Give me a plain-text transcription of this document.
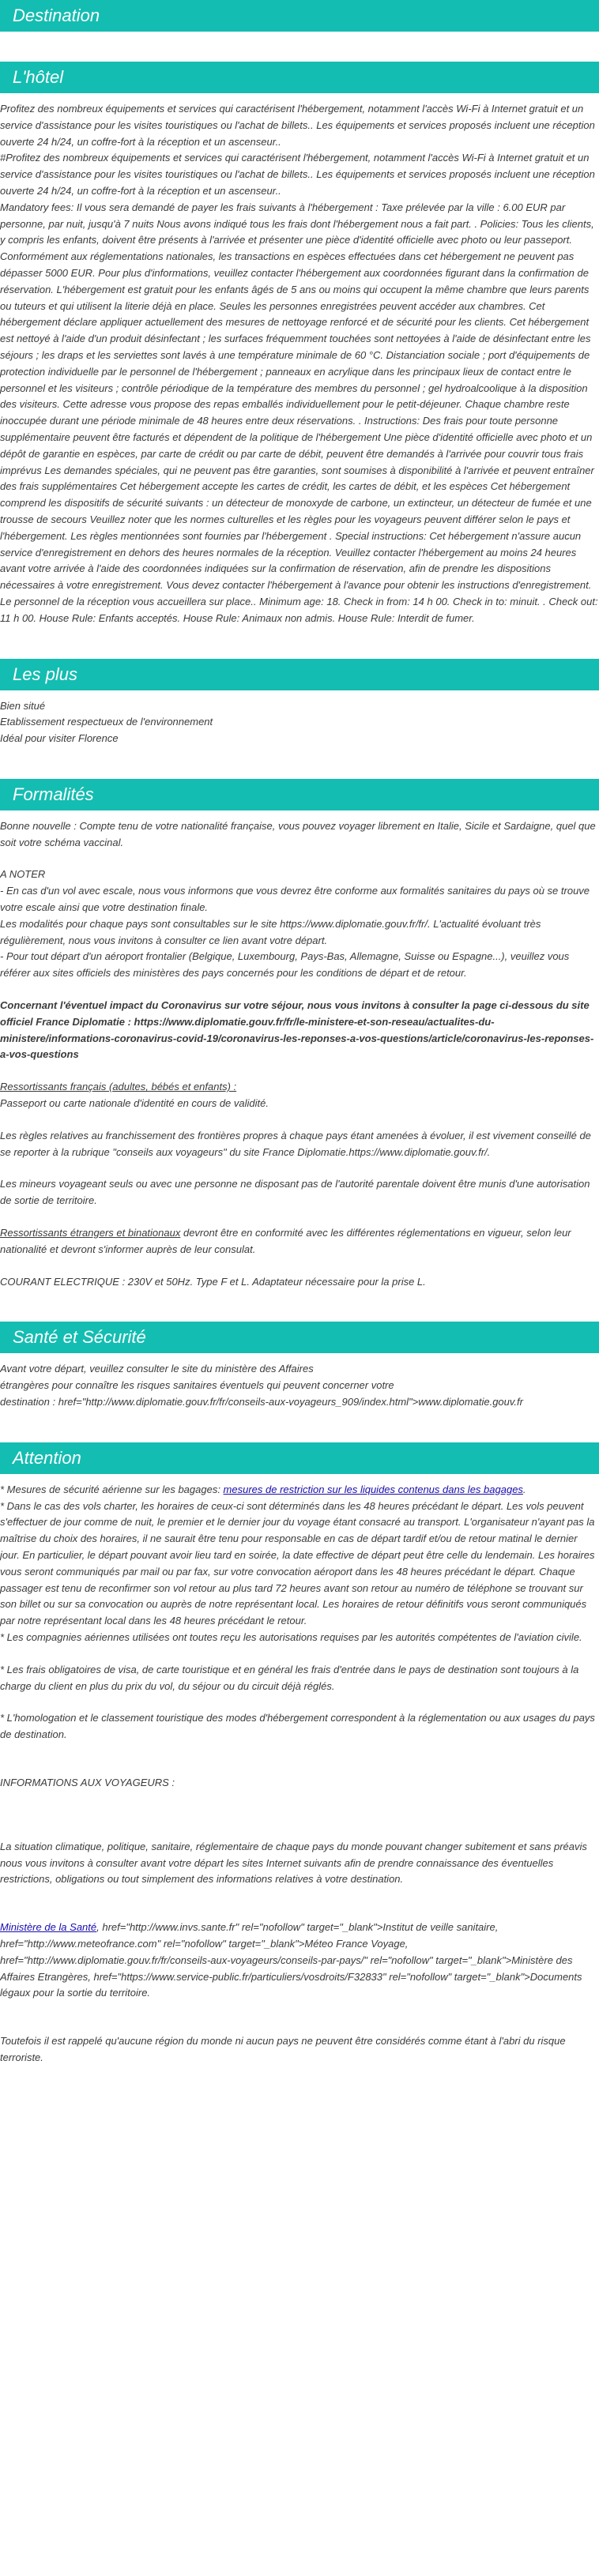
Destination
L'hôtel

Profitez des nombreux équipements et services qui caractérisent l'hébergement, notamment l'accès Wi-Fi à Internet gratuit et un service d'assistance pour les visites touristiques ou l'achat de billets.. Les équipements et services proposés incluent une réception ouverte 24 h/24, un coffre-fort à la réception et un ascenseur..

#Profitez des nombreux équipements et services qui caractérisent l'hébergement, notamment l'accès Wi-Fi à Internet gratuit et un service d'assistance pour les visites touristiques ou l'achat de billets.. Les équipements et services proposés incluent une réception ouverte 24 h/24, un coffre-fort à la réception et un ascenseur..

Mandatory fees: Il vous sera demandé de payer les frais suivants à l'hébergement : Taxe prélevée par la ville : 6.00 EUR par personne, par nuit, jusqu'à 7 nuits Nous avons indiqué tous les frais dont l'hébergement nous a fait part. . Policies: Tous les clients, y compris les enfants, doivent être présents à l'arrivée et présenter une pièce d'identité officielle avec photo ou leur passeport. Conformément aux réglementations nationales, les transactions en espèces effectuées dans cet hébergement ne peuvent pas dépasser 5000 EUR. Pour plus d'informations, veuillez contacter l'hébergement aux coordonnées figurant dans la confirmation de réservation. L'hébergement est gratuit pour les enfants âgés de 5 ans ou moins qui occupent la même chambre que leurs parents ou tuteurs et qui utilisent la literie déjà en place. Seules les personnes enregistrées peuvent accéder aux chambres. Cet hébergement déclare appliquer actuellement des mesures de nettoyage renforcé et de sécurité pour les clients. Cet hébergement est nettoyé à l'aide d'un produit désinfectant ; les surfaces fréquemment touchées sont nettoyées à l'aide de désinfectant entre les séjours ; les draps et les serviettes sont lavés à une température minimale de 60 °C. Distanciation sociale ; port d'équipements de protection individuelle par le personnel de l'hébergement ; panneaux en acrylique dans les principaux lieux de contact entre le personnel et les visiteurs ; contrôle périodique de la température des membres du personnel ; gel hydroalcoolique à la disposition des visiteurs. Cette adresse vous propose des repas emballés individuellement pour le petit-déjeuner. Chaque chambre reste inoccupée durant une période minimale de 48 heures entre deux réservations. . Instructions: Des frais pour toute personne supplémentaire peuvent être facturés et dépendent de la politique de l'hébergement Une pièce d'identité officielle avec photo et un dépôt de garantie en espèces, par carte de crédit ou par carte de débit, peuvent être demandés à l'arrivée pour couvrir tous frais imprévus Les demandes spéciales, qui ne peuvent pas être garanties, sont soumises à disponibilité à l'arrivée et peuvent entraîner des frais supplémentaires Cet hébergement accepte les cartes de crédit, les cartes de débit, et les espèces Cet hébergement comprend les dispositifs de sécurité suivants : un détecteur de monoxyde de carbone, un extincteur, un détecteur de fumée et une trousse de secours Veuillez noter que les normes culturelles et les règles pour les voyageurs peuvent différer selon le pays et l'hébergement. Les règles mentionnées sont fournies par l'hébergement . Special instructions: Cet hébergement n'assure aucun service d'enregistrement en dehors des heures normales de la réception. Veuillez contacter l'hébergement au moins 24 heures avant votre arrivée à l'aide des coordonnées indiquées sur la confirmation de réservation, afin de prendre les dispositions nécessaires à votre enregistrement. Vous devez contacter l'hébergement à l'avance pour obtenir les instructions d'enregistrement. Le personnel de la réception vous accueillera sur place.. Minimum age: 18. Check in from: 14 h 00. Check in to: minuit. . Check out: 11 h 00. House Rule: Enfants acceptés. House Rule: Animaux non admis. House Rule: Interdit de fumer.

Les plus

Bien situé

Etablissement respectueux de l'environnement

Idéal pour visiter Florence

Formalités

Bonne nouvelle : Compte tenu de votre nationalité française, vous pouvez voyager librement en Italie, Sicile et Sardaigne, quel que soit votre schéma vaccinal.

A NOTER

- En cas d'un vol avec escale, nous vous informons que vous devrez être conforme aux formalités sanitaires du pays où se trouve votre escale ainsi que votre destination finale.

Les modalités pour chaque pays sont consultables sur le site https://www.diplomatie.gouv.fr/fr/. L'actualité évoluant très régulièrement, nous vous invitons à consulter ce lien avant votre départ.

- Pour tout départ d'un aéroport frontalier (Belgique, Luxembourg, Pays-Bas, Allemagne, Suisse ou Espagne...), veuillez vous référer aux sites officiels des ministères des pays concernés pour les conditions de départ et de retour.

Concernant l'éventuel impact du Coronavirus sur votre séjour, nous vous invitons à consulter la page ci-dessous du site officiel France Diplomatie : https://www.diplomatie.gouv.fr/fr/le-ministere-et-son-reseau/actualites-du-ministere/informations-coronavirus-covid-19/coronavirus-les-reponses-a-vos-questions/article/coronavirus-les-reponses-a-vos-questions

Ressortissants français (adultes, bébés et enfants) :

Passeport ou carte nationale d'identité en cours de validité.

Les règles relatives au franchissement des frontières propres à chaque pays étant amenées à évoluer, il est vivement conseillé de se reporter à la rubrique "conseils aux voyageurs" du site France Diplomatie.https://www.diplomatie.gouv.fr/.

Les mineurs voyageant seuls ou avec une personne ne disposant pas de l'autorité parentale doivent être munis d'une autorisation de sortie de territoire.

Ressortissants étrangers et binationaux devront être en conformité avec les différentes réglementations en vigueur, selon leur nationalité et devront s'informer auprès de leur consulat.

COURANT ELECTRIQUE : 230V et 50Hz. Type F et L. Adaptateur nécessaire pour la prise L.

Santé et Sécurité

Avant votre départ, veuillez consulter le site du ministère des Affaires

étrangères pour connaître les risques sanitaires éventuels qui peuvent concerner votre

destination : href="http://www.diplomatie.gouv.fr/fr/conseils-aux-voyageurs_909/index.html">www.diplomatie.gouv.fr

Attention

* Mesures de sécurité aérienne sur les bagages: mesures de restriction sur les liquides contenus dans les bagages.

* Dans le cas des vols charter, les horaires de ceux-ci sont déterminés dans les 48 heures précédant le départ. Les vols peuvent s'effectuer de jour comme de nuit, le premier et le dernier jour du voyage étant consacré au transport. L'organisateur n'ayant pas la maîtrise du choix des horaires, il ne saurait être tenu pour responsable en cas de départ tardif et/ou de retour matinal le dernier jour. En particulier, le départ pouvant avoir lieu tard en soirée, la date effective de départ peut être celle du lendemain. Les horaires vous seront communiqués par mail ou par fax, sur votre convocation aéroport dans les 48 heures précédant le départ. Chaque passager est tenu de reconfirmer son vol retour au plus tard 72 heures avant son retour au numéro de téléphone se trouvant sur son billet ou sur sa convocation ou auprès de notre représentant local. Les horaires de retour définitifs vous seront communiqués par notre représentant local dans les 48 heures précédant le retour.

* Les compagnies aériennes utilisées ont toutes reçu les autorisations requises par les autorités compétentes de l'aviation civile.

* Les frais obligatoires de visa, de carte touristique et en général les frais d'entrée dans le pays de destination sont toujours à la charge du client en plus du prix du vol, du séjour ou du circuit déjà réglés.

* L'homologation et le classement touristique des modes d'hébergement correspondent à la réglementation ou aux usages du pays de destination.

INFORMATIONS AUX VOYAGEURS :

La situation climatique, politique, sanitaire, réglementaire de chaque pays du monde pouvant changer subitement et sans préavis

nous vous invitons à consulter avant votre départ les sites Internet suivants afin de prendre connaissance des éventuelles restrictions, obligations ou tout simplement des informations relatives à votre destination.

Ministère de la Santé, href="http://www.invs.sante.fr" rel="nofollow" target="_blank">Institut de veille sanitaire, href="http://www.meteofrance.com" rel="nofollow" target="_blank">Méteo France Voyage, href="http://www.diplomatie.gouv.fr/fr/conseils-aux-voyageurs/conseils-par-pays/" rel="nofollow" target="_blank">Ministère des Affaires Etrangères, href="https://www.service-public.fr/particuliers/vosdroits/F32833" rel="nofollow" target="_blank">Documents légaux pour la sortie du territoire.

Toutefois il est rappelé qu'aucune région du monde ni aucun pays ne peuvent être considérés comme étant à l'abri du risque terroriste.
